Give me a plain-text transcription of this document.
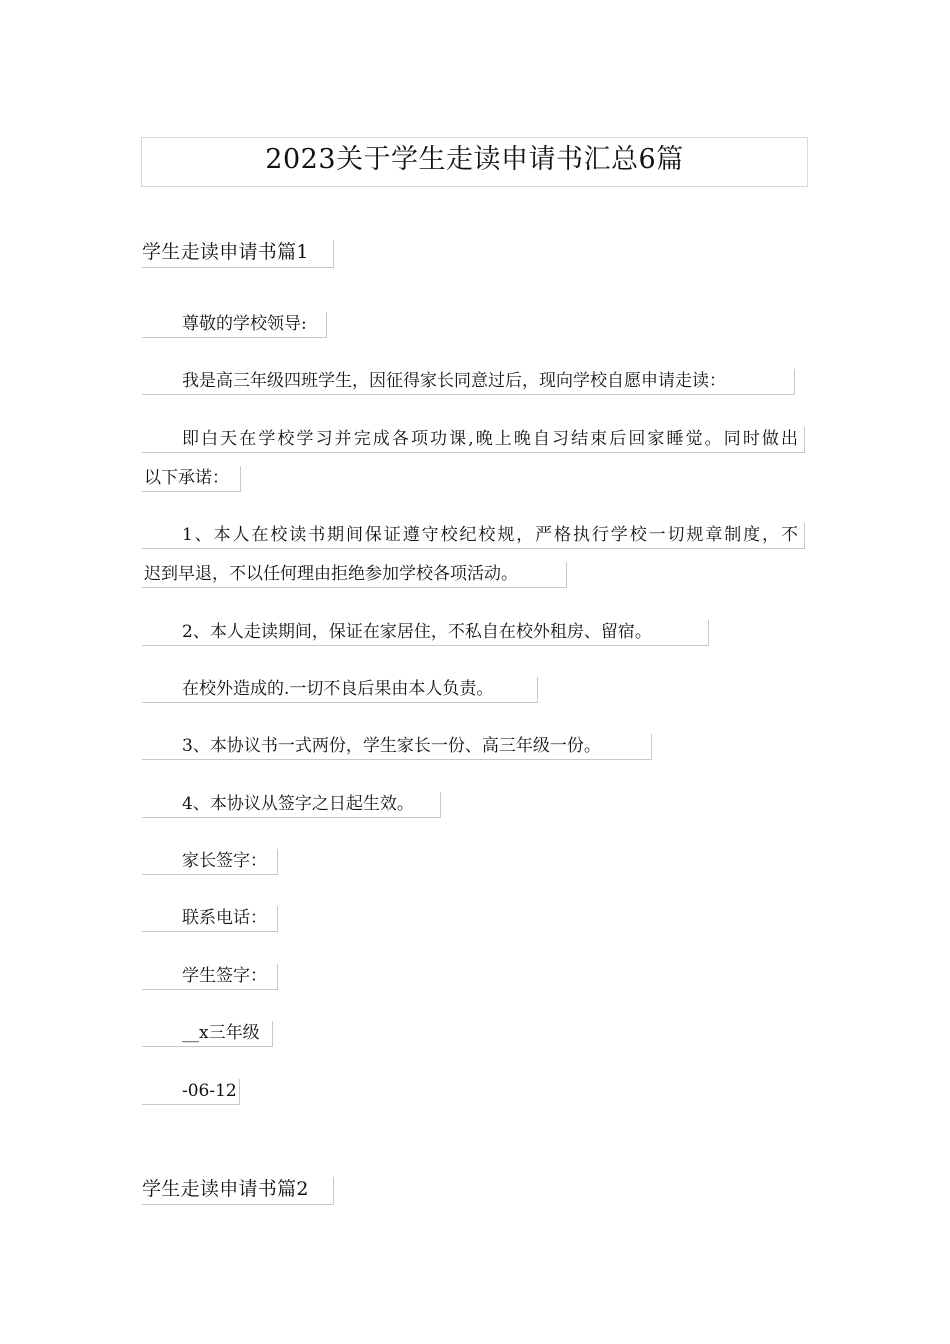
2023关于学生走读申请书汇总6篇
学生走读申请书篇1
尊敬的学校领导:
我是高三年级四班学生，因征得家长同意过后，现向学校自愿申请走读：
即白天在学校学习并完成各项功课,晚上晚自习结束后回家睡觉。同时做出
以下承诺：
1、本人在校读书期间保证遵守校纪校规，严格执行学校一切规章制度，不
迟到早退，不以任何理由拒绝参加学校各项活动。
2、本人走读期间，保证在家居住，不私自在校外租房、留宿。
在校外造成的.一切不良后果由本人负责。
3、本协议书一式两份，学生家长一份、高三年级一份。
4、本协议从签字之日起生效。
家长签字：
联系电话：
学生签字：
__x三年级
-06-12
学生走读申请书篇2
